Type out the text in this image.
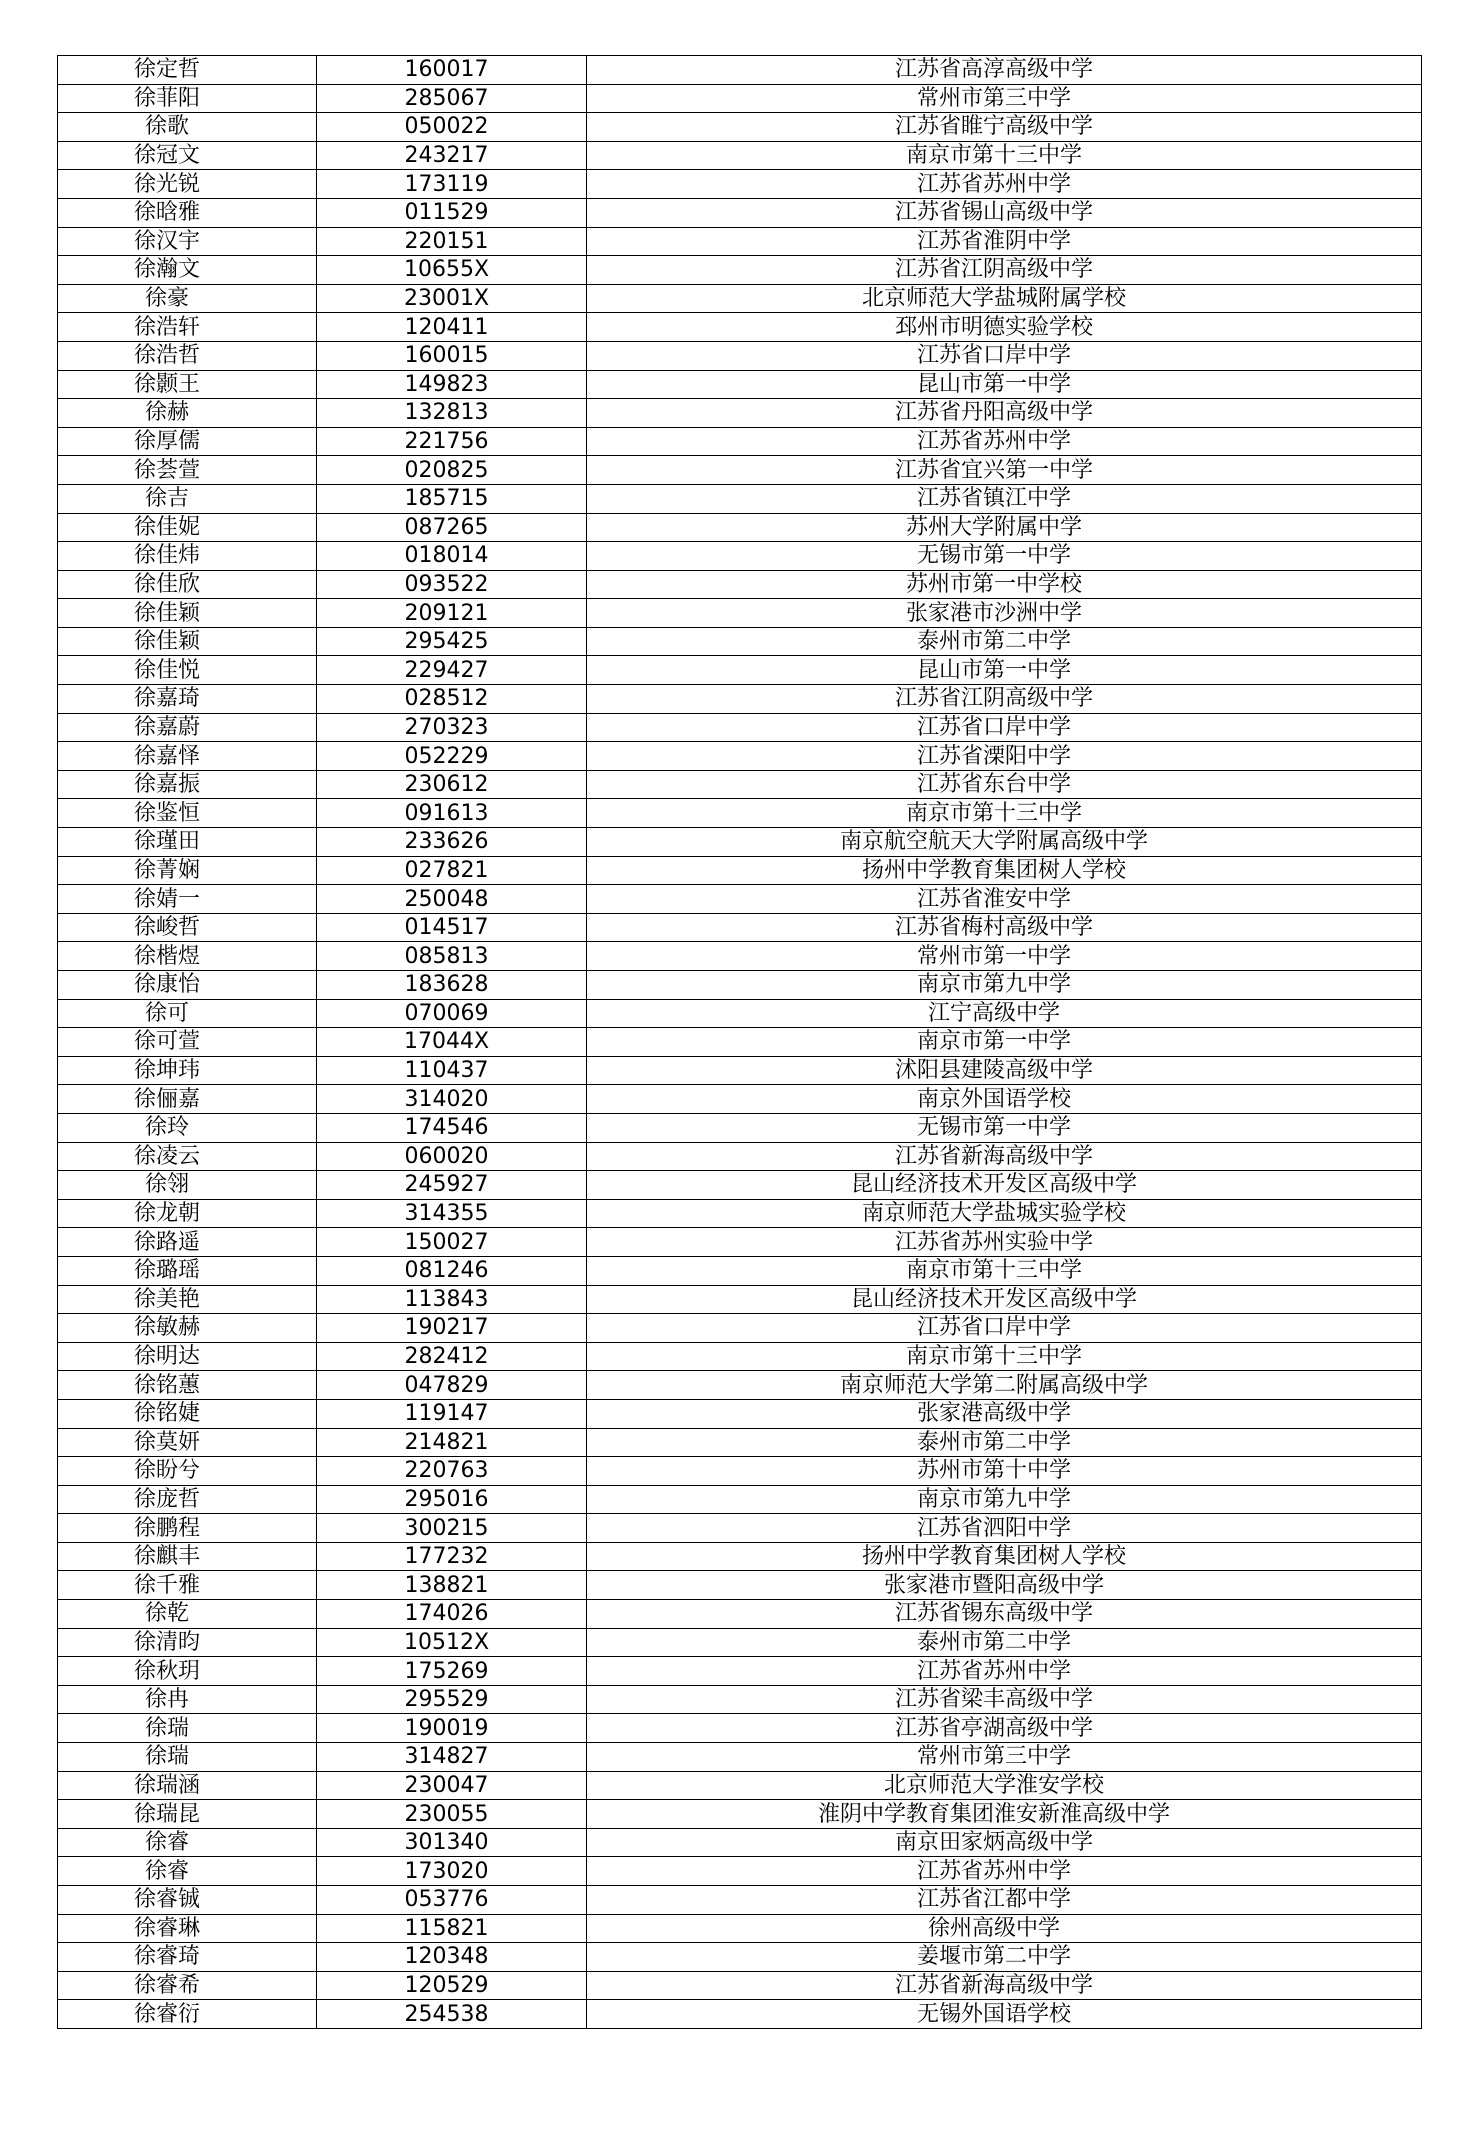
徐定哲	160017	江苏省高淳高级中学
徐菲阳	285067	常州市第三中学
徐歌	050022	江苏省睢宁高级中学
徐冠文	243217	南京市第十三中学
徐光锐	173119	江苏省苏州中学
徐晗雅	011529	江苏省锡山高级中学
徐汉宇	220151	江苏省淮阴中学
徐瀚文	10655X	江苏省江阴高级中学
徐豪	23001X	北京师范大学盐城附属学校
徐浩轩	120411	邳州市明德实验学校
徐浩哲	160015	江苏省口岸中学
徐颢王	149823	昆山市第一中学
徐赫	132813	江苏省丹阳高级中学
徐厚儒	221756	江苏省苏州中学
徐荟萱	020825	江苏省宜兴第一中学
徐吉	185715	江苏省镇江中学
徐佳妮	087265	苏州大学附属中学
徐佳炜	018014	无锡市第一中学
徐佳欣	093522	苏州市第一中学校
徐佳颖	209121	张家港市沙洲中学
徐佳颖	295425	泰州市第二中学
徐佳悦	229427	昆山市第一中学
徐嘉琦	028512	江苏省江阴高级中学
徐嘉蔚	270323	江苏省口岸中学
徐嘉怿	052229	江苏省溧阳中学
徐嘉振	230612	江苏省东台中学
徐鉴恒	091613	南京市第十三中学
徐瑾田	233626	南京航空航天大学附属高级中学
徐菁娴	027821	扬州中学教育集团树人学校
徐婧一	250048	江苏省淮安中学
徐峻哲	014517	江苏省梅村高级中学
徐楷煜	085813	常州市第一中学
徐康怡	183628	南京市第九中学
徐可	070069	江宁高级中学
徐可萱	17044X	南京市第一中学
徐坤玮	110437	沭阳县建陵高级中学
徐俪嘉	314020	南京外国语学校
徐玲	174546	无锡市第一中学
徐凌云	060020	江苏省新海高级中学
徐翎	245927	昆山经济技术开发区高级中学
徐龙朝	314355	南京师范大学盐城实验学校
徐路遥	150027	江苏省苏州实验中学
徐璐瑶	081246	南京市第十三中学
徐美艳	113843	昆山经济技术开发区高级中学
徐敏赫	190217	江苏省口岸中学
徐明达	282412	南京市第十三中学
徐铭蕙	047829	南京师范大学第二附属高级中学
徐铭婕	119147	张家港高级中学
徐莫妍	214821	泰州市第二中学
徐盼兮	220763	苏州市第十中学
徐庞哲	295016	南京市第九中学
徐鹏程	300215	江苏省泗阳中学
徐麒丰	177232	扬州中学教育集团树人学校
徐千雅	138821	张家港市暨阳高级中学
徐乾	174026	江苏省锡东高级中学
徐清昀	10512X	泰州市第二中学
徐秋玥	175269	江苏省苏州中学
徐冉	295529	江苏省梁丰高级中学
徐瑞	190019	江苏省亭湖高级中学
徐瑞	314827	常州市第三中学
徐瑞涵	230047	北京师范大学淮安学校
徐瑞昆	230055	淮阴中学教育集团淮安新淮高级中学
徐睿	301340	南京田家炳高级中学
徐睿	173020	江苏省苏州中学
徐睿铖	053776	江苏省江都中学
徐睿琳	115821	徐州高级中学
徐睿琦	120348	姜堰市第二中学
徐睿希	120529	江苏省新海高级中学
徐睿衍	254538	无锡外国语学校
